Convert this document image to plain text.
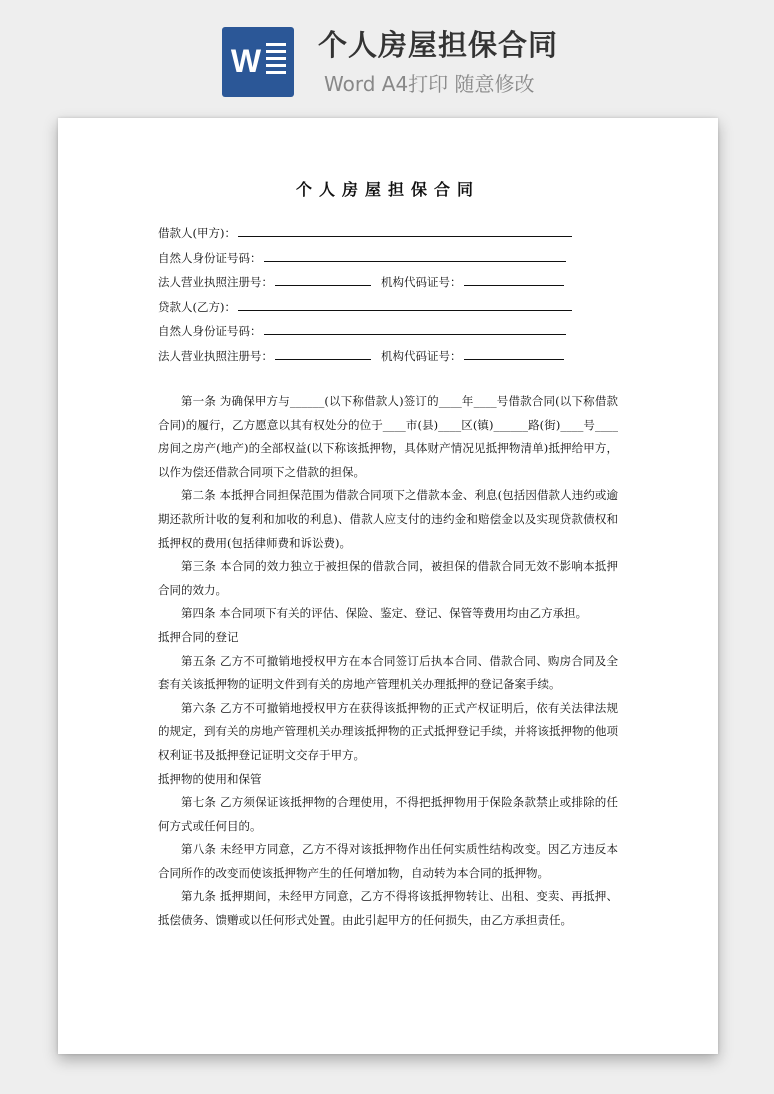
W 个人房屋担保合同
Word A4打印 随意修改
个人房屋担保合同
借款人(甲方)：
自然人身份证号码：
法人营业执照注册号：	机构代码证号：
贷款人(乙方)：
自然人身份证号码：
法人营业执照注册号：	机构代码证号：

第一条 为确保甲方与______(以下称借款人)签订的____年____号借款合同(以下称借款合同)的履行，乙方愿意以其有权处分的位于____市(县)____区(镇)______路(街)____号____房间之房产(地产)的全部权益(以下称该抵押物，具体财产情况见抵押物清单)抵押给甲方，以作为偿还借款合同项下之借款的担保。

第二条 本抵押合同担保范围为借款合同项下之借款本金、利息(包括因借款人违约或逾期还款所计收的复利和加收的利息)、借款人应支付的违约金和赔偿金以及实现贷款债权和抵押权的费用(包括律师费和诉讼费)。

第三条 本合同的效力独立于被担保的借款合同，被担保的借款合同无效不影响本抵押合同的效力。

第四条 本合同项下有关的评估、保险、鉴定、登记、保管等费用均由乙方承担。

抵押合同的登记

第五条 乙方不可撤销地授权甲方在本合同签订后执本合同、借款合同、购房合同及全套有关该抵押物的证明文件到有关的房地产管理机关办理抵押的登记备案手续。

第六条 乙方不可撤销地授权甲方在获得该抵押物的正式产权证明后，依有关法律法规的规定，到有关的房地产管理机关办理该抵押物的正式抵押登记手续，并将该抵押物的他项权利证书及抵押登记证明文交存于甲方。

抵押物的使用和保管

第七条 乙方须保证该抵押物的合理使用，不得把抵押物用于保险条款禁止或排除的任何方式或任何目的。

第八条 未经甲方同意，乙方不得对该抵押物作出任何实质性结构改变。因乙方违反本合同所作的改变而使该抵押物产生的任何增加物，自动转为本合同的抵押物。

第九条 抵押期间，未经甲方同意，乙方不得将该抵押物转让、出租、变卖、再抵押、抵偿债务、馈赠或以任何形式处置。由此引起甲方的任何损失，由乙方承担责任。
